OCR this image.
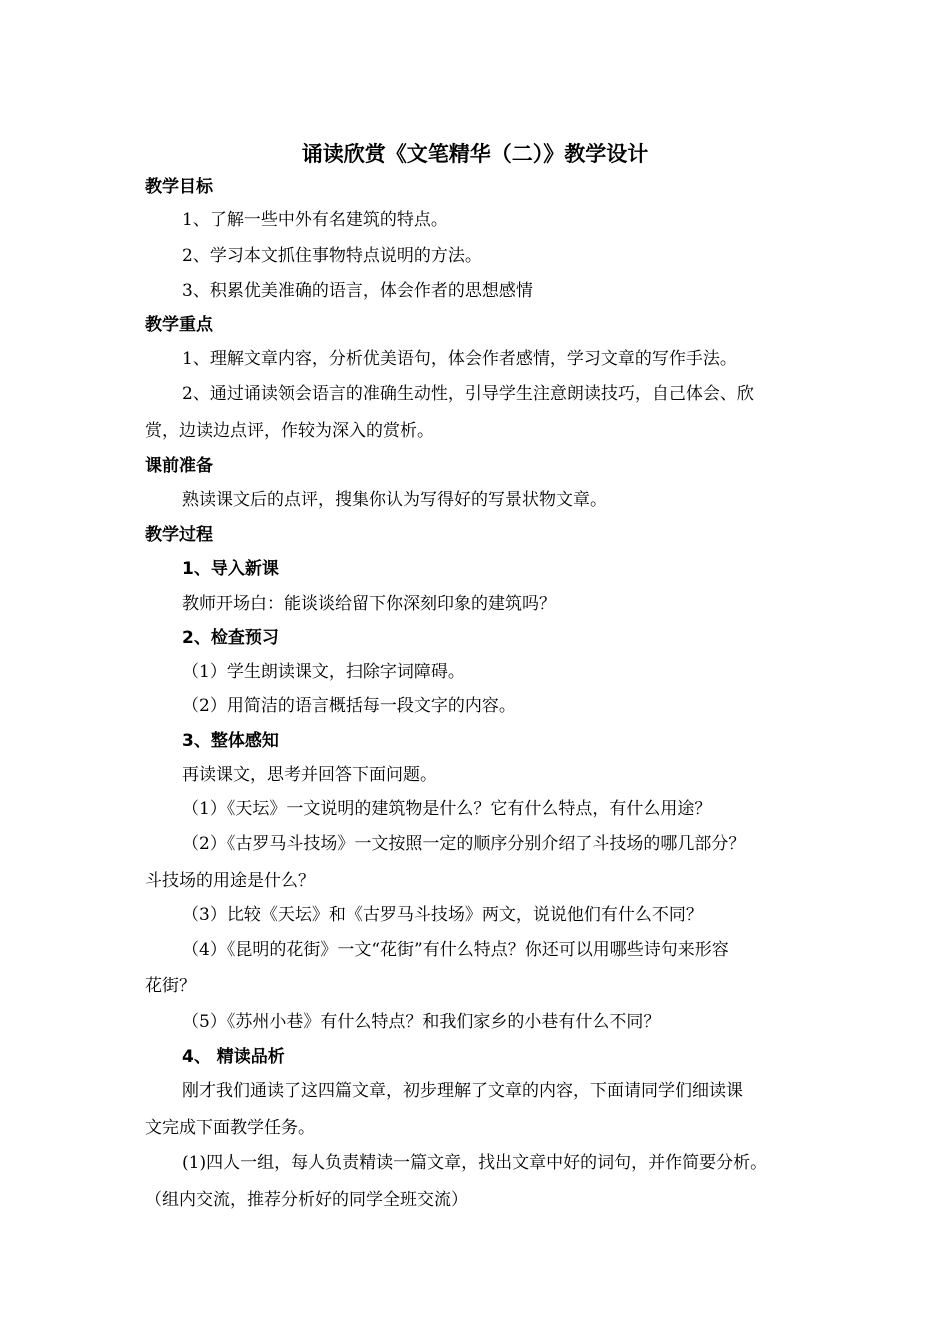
诵读欣赏《文笔精华（二）》教学设计
教学目标
1、了解一些中外有名建筑的特点。
2、学习本文抓住事物特点说明的方法。
3、积累优美准确的语言，体会作者的思想感情
教学重点
1、理解文章内容，分析优美语句，体会作者感情，学习文章的写作手法。
2、通过诵读领会语言的准确生动性，引导学生注意朗读技巧，自己体会、欣
赏，边读边点评，作较为深入的赏析。
课前准备
熟读课文后的点评，搜集你认为写得好的写景状物文章。
教学过程
1、导入新课
教师开场白：能谈谈给留下你深刻印象的建筑吗？
2、检查预习
（1）学生朗读课文，扫除字词障碍。
（2）用简洁的语言概括每一段文字的内容。
3、整体感知
再读课文，思考并回答下面问题。
（1）《天坛》一文说明的建筑物是什么？它有什么特点，有什么用途？
（2）《古罗马斗技场》一文按照一定的顺序分别介绍了斗技场的哪几部分？
斗技场的用途是什么？
（3）比较《天坛》和《古罗马斗技场》两文，说说他们有什么不同？
（4）《昆明的花街》一文“花街”有什么特点？你还可以用哪些诗句来形容
花街？
（5）《苏州小巷》有什么特点？和我们家乡的小巷有什么不同？
4、 精读品析
刚才我们通读了这四篇文章，初步理解了文章的内容，下面请同学们细读课
文完成下面教学任务。
(1)四人一组，每人负责精读一篇文章，找出文章中好的词句，并作简要分析。
（组内交流，推荐分析好的同学全班交流）
